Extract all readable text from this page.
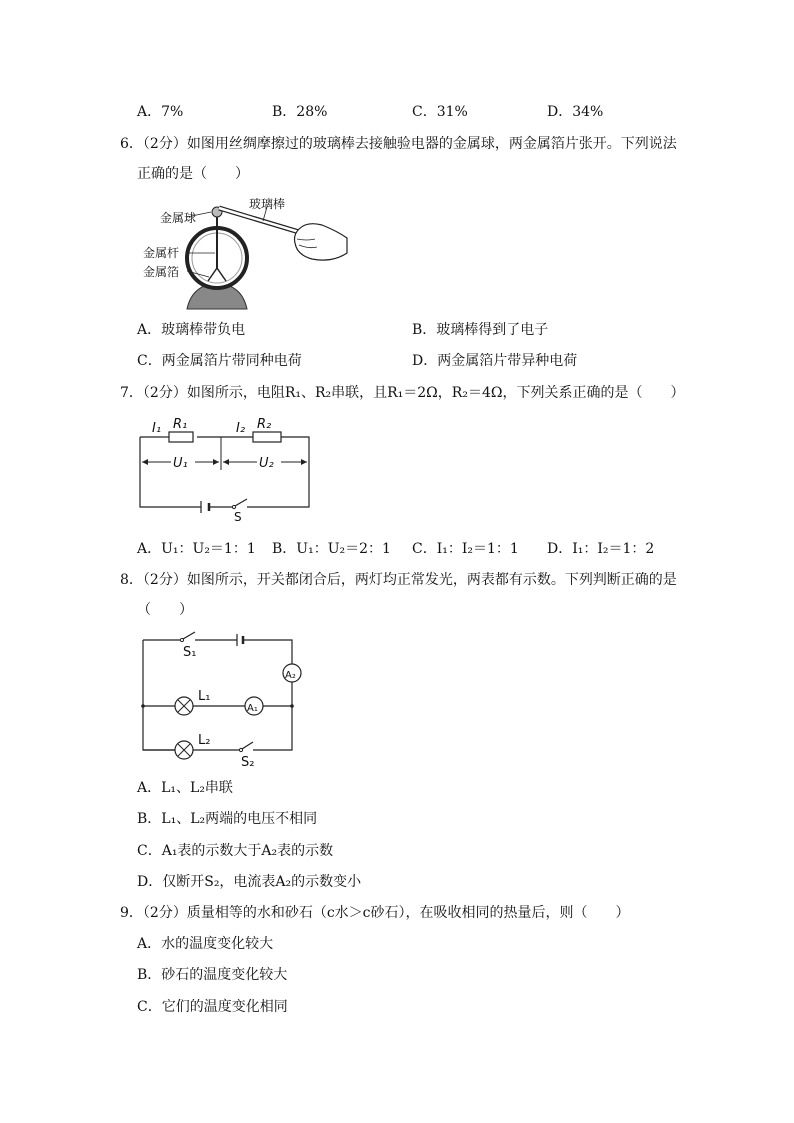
A．7%	B．28%	C．31%	D．34%
6．（2分）如图用丝绸摩擦过的玻璃棒去接触验电器的金属球，两金属箔片张开。下列说法
正确的是（　　）
金属球
玻璃棒
金属杆
金属箔
A．玻璃棒带负电	B．玻璃棒得到了电子
C．两金属箔片带同种电荷	D．两金属箔片带异种电荷
7．（2分）如图所示，电阻R₁、R₂串联，且R₁＝2Ω，R₂＝4Ω，下列关系正确的是（　　）
I₁ R₁	I₂ R₂
U₁	U₂
S
A．U₁：U₂＝1：1 B．U₁：U₂＝2：1 C．I₁：I₂＝1：1 D．I₁：I₂＝1：2
8．（2分）如图所示，开关都闭合后，两灯均正常发光，两表都有示数。下列判断正确的是
（　　）
S₁
A₂
L₁
A₁
L₂
S₂
A．L₁、L₂串联
B．L₁、L₂两端的电压不相同
C．A₁表的示数大于A₂表的示数
D．仅断开S₂，电流表A₂的示数变小
9．（2分）质量相等的水和砂石（c水＞c砂石），在吸收相同的热量后，则（　　）
A．水的温度变化较大
B．砂石的温度变化较大
C．它们的温度变化相同
